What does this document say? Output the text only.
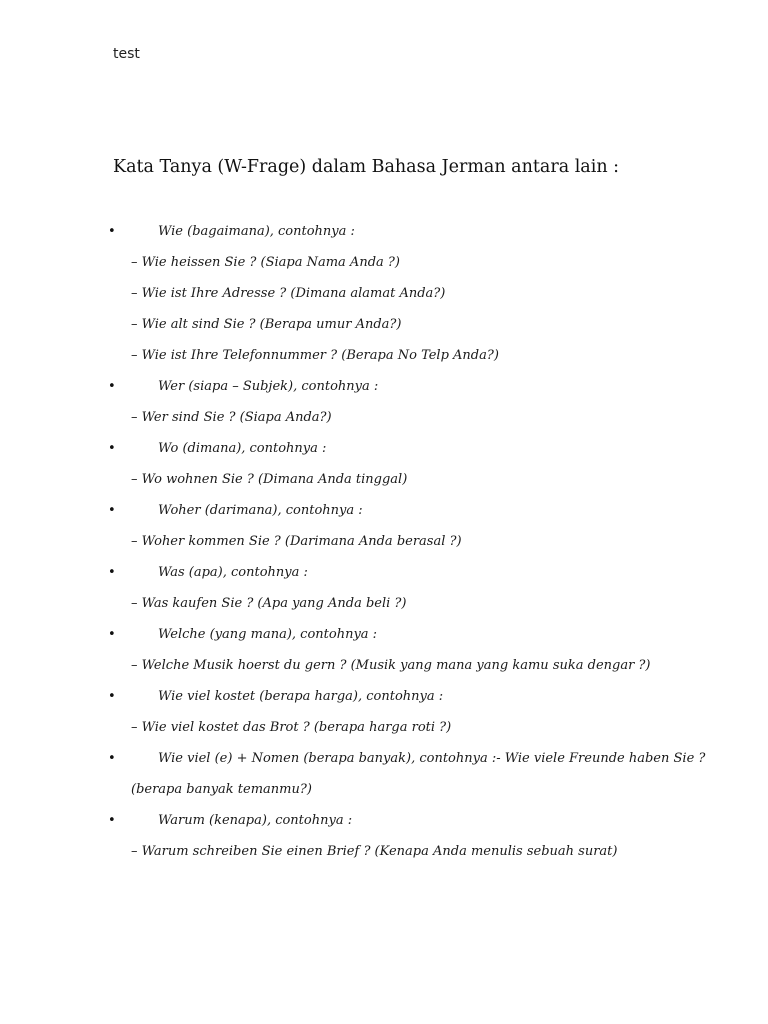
test
Kata Tanya (W-Frage) dalam Bahasa Jerman antara lain :
•	Wie (bagaimana), contohnya :
– Wie heissen Sie ? (Siapa Nama Anda ?)
– Wie ist Ihre Adresse ? (Dimana alamat Anda?)
– Wie alt sind Sie ? (Berapa umur Anda?)
– Wie ist Ihre Telefonnummer ? (Berapa No Telp Anda?)
•	Wer (siapa – Subjek), contohnya :
– Wer sind Sie ? (Siapa Anda?)
•	Wo (dimana), contohnya :
– Wo wohnen Sie ? (Dimana Anda tinggal)
•	Woher (darimana), contohnya :
– Woher kommen Sie ? (Darimana Anda berasal ?)
•	Was (apa), contohnya :
– Was kaufen Sie ? (Apa yang Anda beli ?)
•	Welche (yang mana), contohnya :
– Welche Musik hoerst du gern ? (Musik yang mana yang kamu suka dengar ?)
•	Wie viel kostet (berapa harga), contohnya :
– Wie viel kostet das Brot ? (berapa harga roti ?)
•	Wie viel (e) + Nomen (berapa banyak), contohnya :- Wie viele Freunde haben Sie ?
(berapa banyak temanmu?)
•	Warum (kenapa), contohnya :
– Warum schreiben Sie einen Brief ? (Kenapa Anda menulis sebuah surat)
